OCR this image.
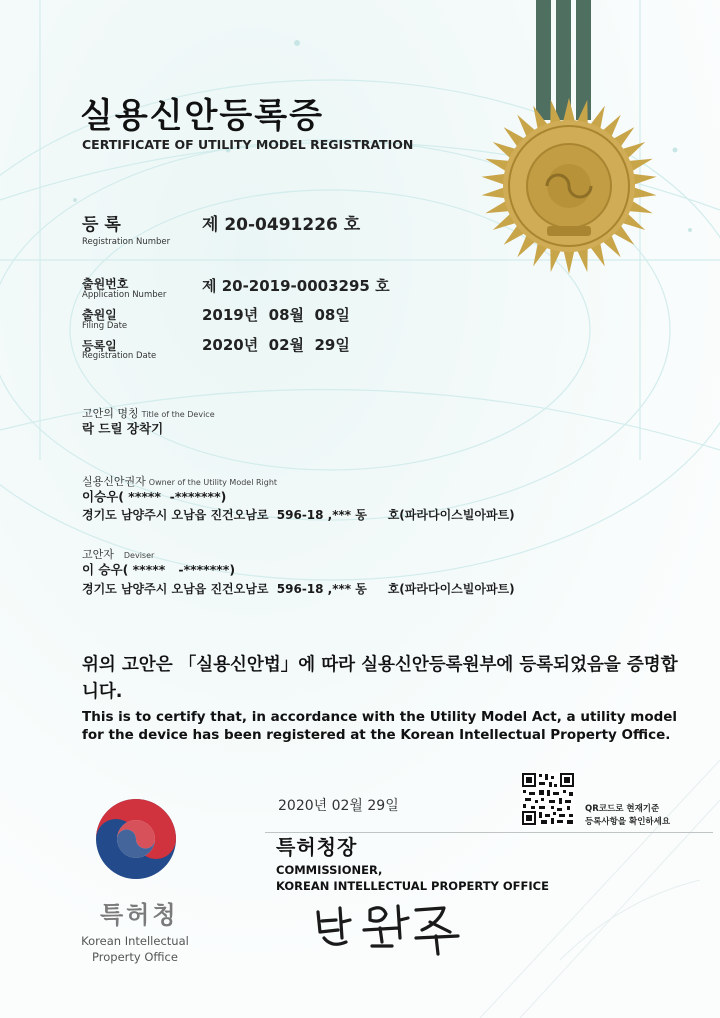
실용신안등록증
CERTIFICATE OF UTILITY MODEL REGISTRATION
등 록
Registration Number
제 20-0491226 호
출원번호
Application Number 제 20-2019-0003295 호
출원일
Filing Date
2019년  08월  08일
등록일
Registration Date
2020년  02월  29일
고안의 명칭 Title of the Device
락 드릴 장착기
실용신안권자 Owner of the Utility Model Right
이승우( *****  -*******)
경기도 남양주시 오남읍 진건오남로  596-18 ,*** 동     호(파라다이스빌아파트)
고안자 Deviser
이 승우( *****   -*******)
경기도 남양주시 오남읍 진건오남로  596-18 ,*** 동     호(파라다이스빌아파트)
위의 고안은 「실용신안법」에 따라 실용신안등록원부에 등록되었음을 증명합니다.
This is to certify that, in accordance with the Utility Model Act, a utility model for the device has been registered at the Korean Intellectual Property Office.
2020년 02월 29일
특허청장
COMMISSIONER,
KOREAN INTELLECTUAL PROPERTY OFFICE
QR코드로 현재기준
등록사항을 확인하세요
특허청
Korean Intellectual Property Office
